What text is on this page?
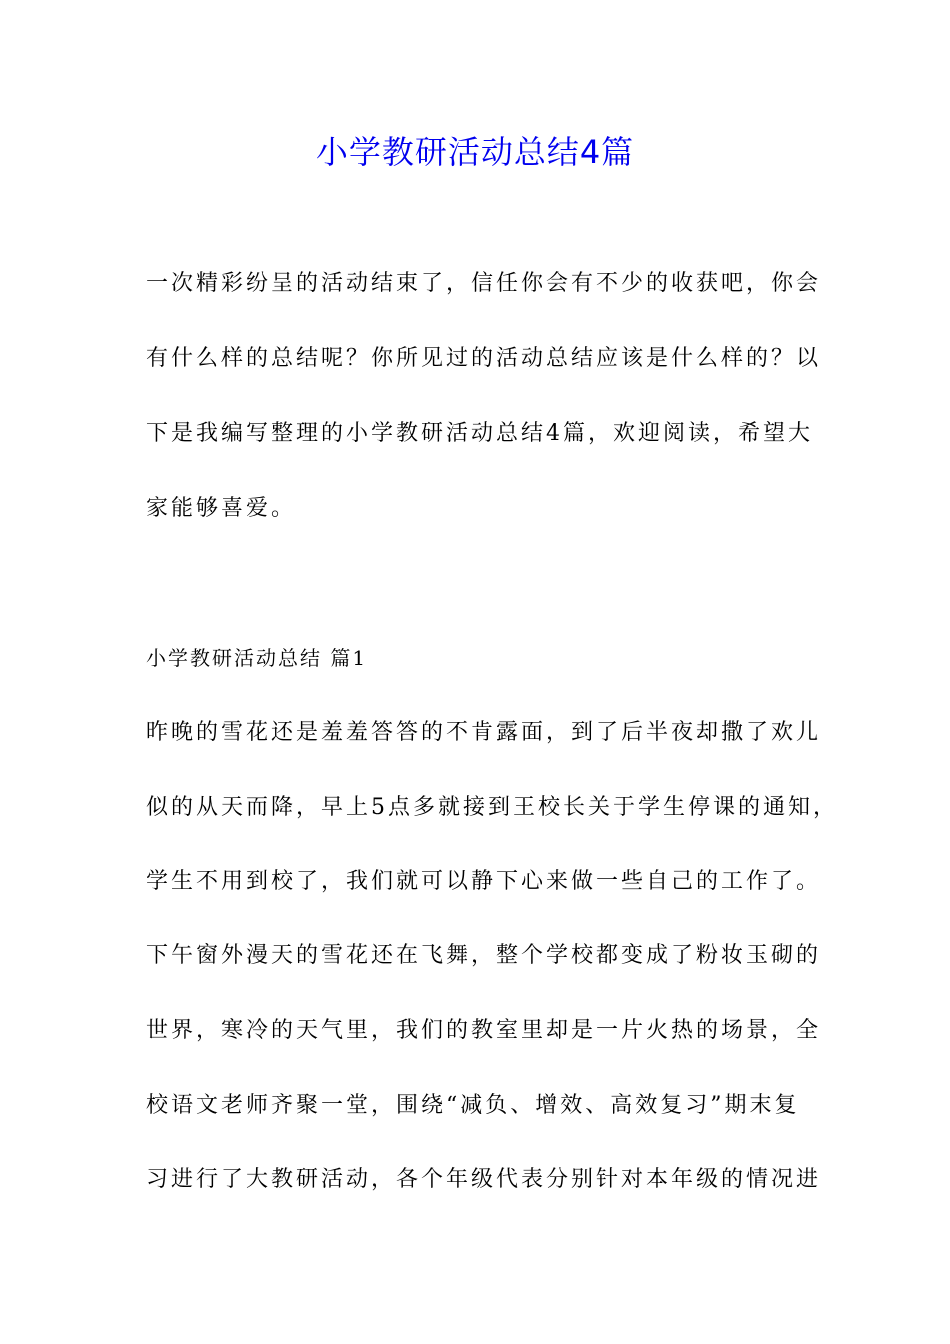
小学教研活动总结4篇
一次精彩纷呈的活动结束了，信任你会有不少的收获吧，你会
有什么样的总结呢？你所见过的活动总结应该是什么样的？以
下是我编写整理的小学教研活动总结4篇，欢迎阅读，希望大
家能够喜爱。
小学教研活动总结 篇1
昨晚的雪花还是羞羞答答的不肯露面，到了后半夜却撒了欢儿
似的从天而降，早上5点多就接到王校长关于学生停课的通知，
学生不用到校了，我们就可以静下心来做一些自己的工作了。
下午窗外漫天的雪花还在飞舞，整个学校都变成了粉妆玉砌的
世界，寒冷的天气里，我们的教室里却是一片火热的场景，全
校语文老师齐聚一堂，围绕“减负、增效、高效复习”期末复
习进行了大教研活动，各个年级代表分别针对本年级的情况进
